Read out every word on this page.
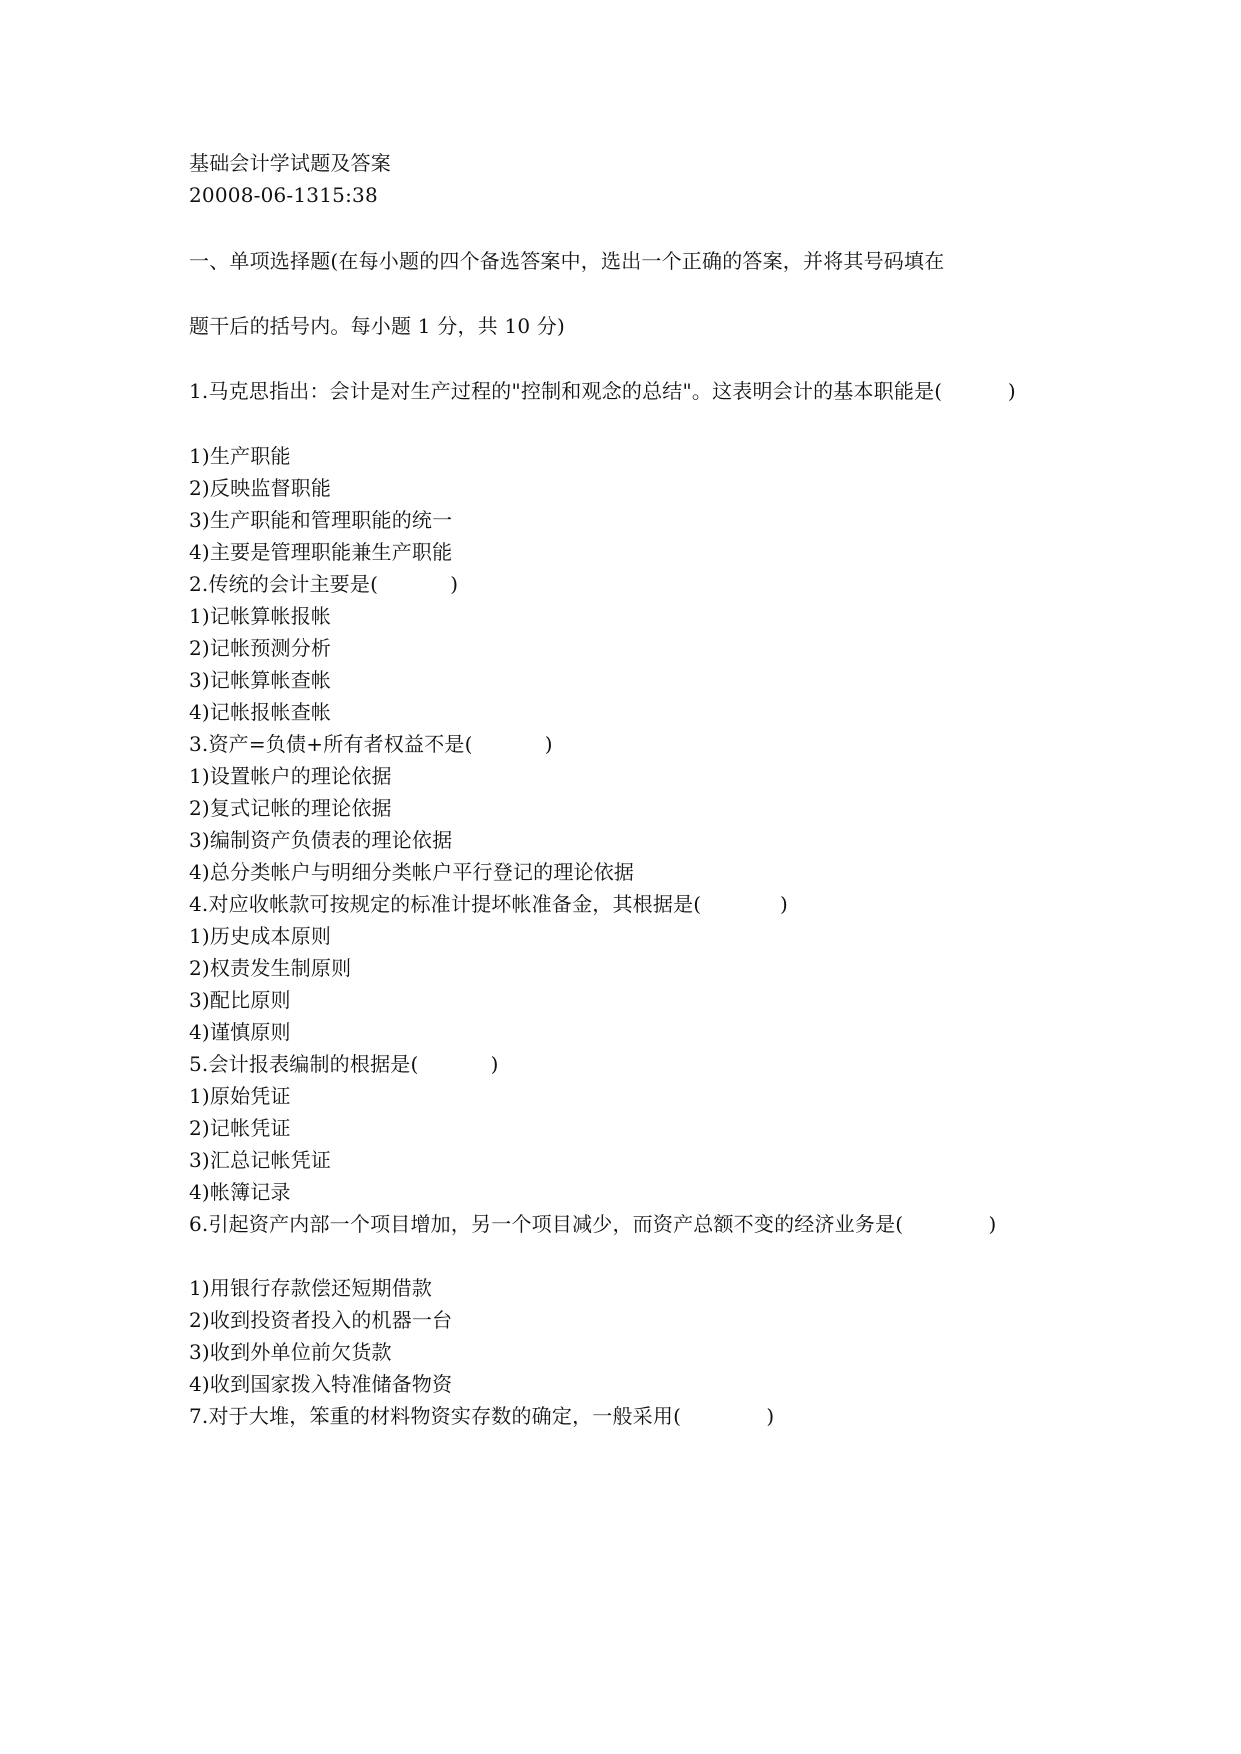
基础会计学试题及答案
20008-06-1315:38
一、单项选择题(在每小题的四个备选答案中，选出一个正确的答案，并将其号码填在
题干后的括号内。每小题 1 分，共 10 分)
1.马克思指出：会计是对生产过程的"控制和观念的总结"。这表明会计的基本职能是(          )
1)生产职能
2)反映监督职能
3)生产职能和管理职能的统一
4)主要是管理职能兼生产职能
2.传统的会计主要是(           )
1)记帐算帐报帐
2)记帐预测分析
3)记帐算帐查帐
4)记帐报帐查帐
3.资产=负债+所有者权益不是(           )
1)设置帐户的理论依据
2)复式记帐的理论依据
3)编制资产负债表的理论依据
4)总分类帐户与明细分类帐户平行登记的理论依据
4.对应收帐款可按规定的标准计提坏帐准备金，其根据是(            )
1)历史成本原则
2)权责发生制原则
3)配比原则
4)谨慎原则
5.会计报表编制的根据是(           )
1)原始凭证
2)记帐凭证
3)汇总记帐凭证
4)帐簿记录
6.引起资产内部一个项目增加，另一个项目减少，而资产总额不变的经济业务是(             )
1)用银行存款偿还短期借款
2)收到投资者投入的机器一台
3)收到外单位前欠货款
4)收到国家拨入特准储备物资
7.对于大堆，笨重的材料物资实存数的确定，一般采用(             )
